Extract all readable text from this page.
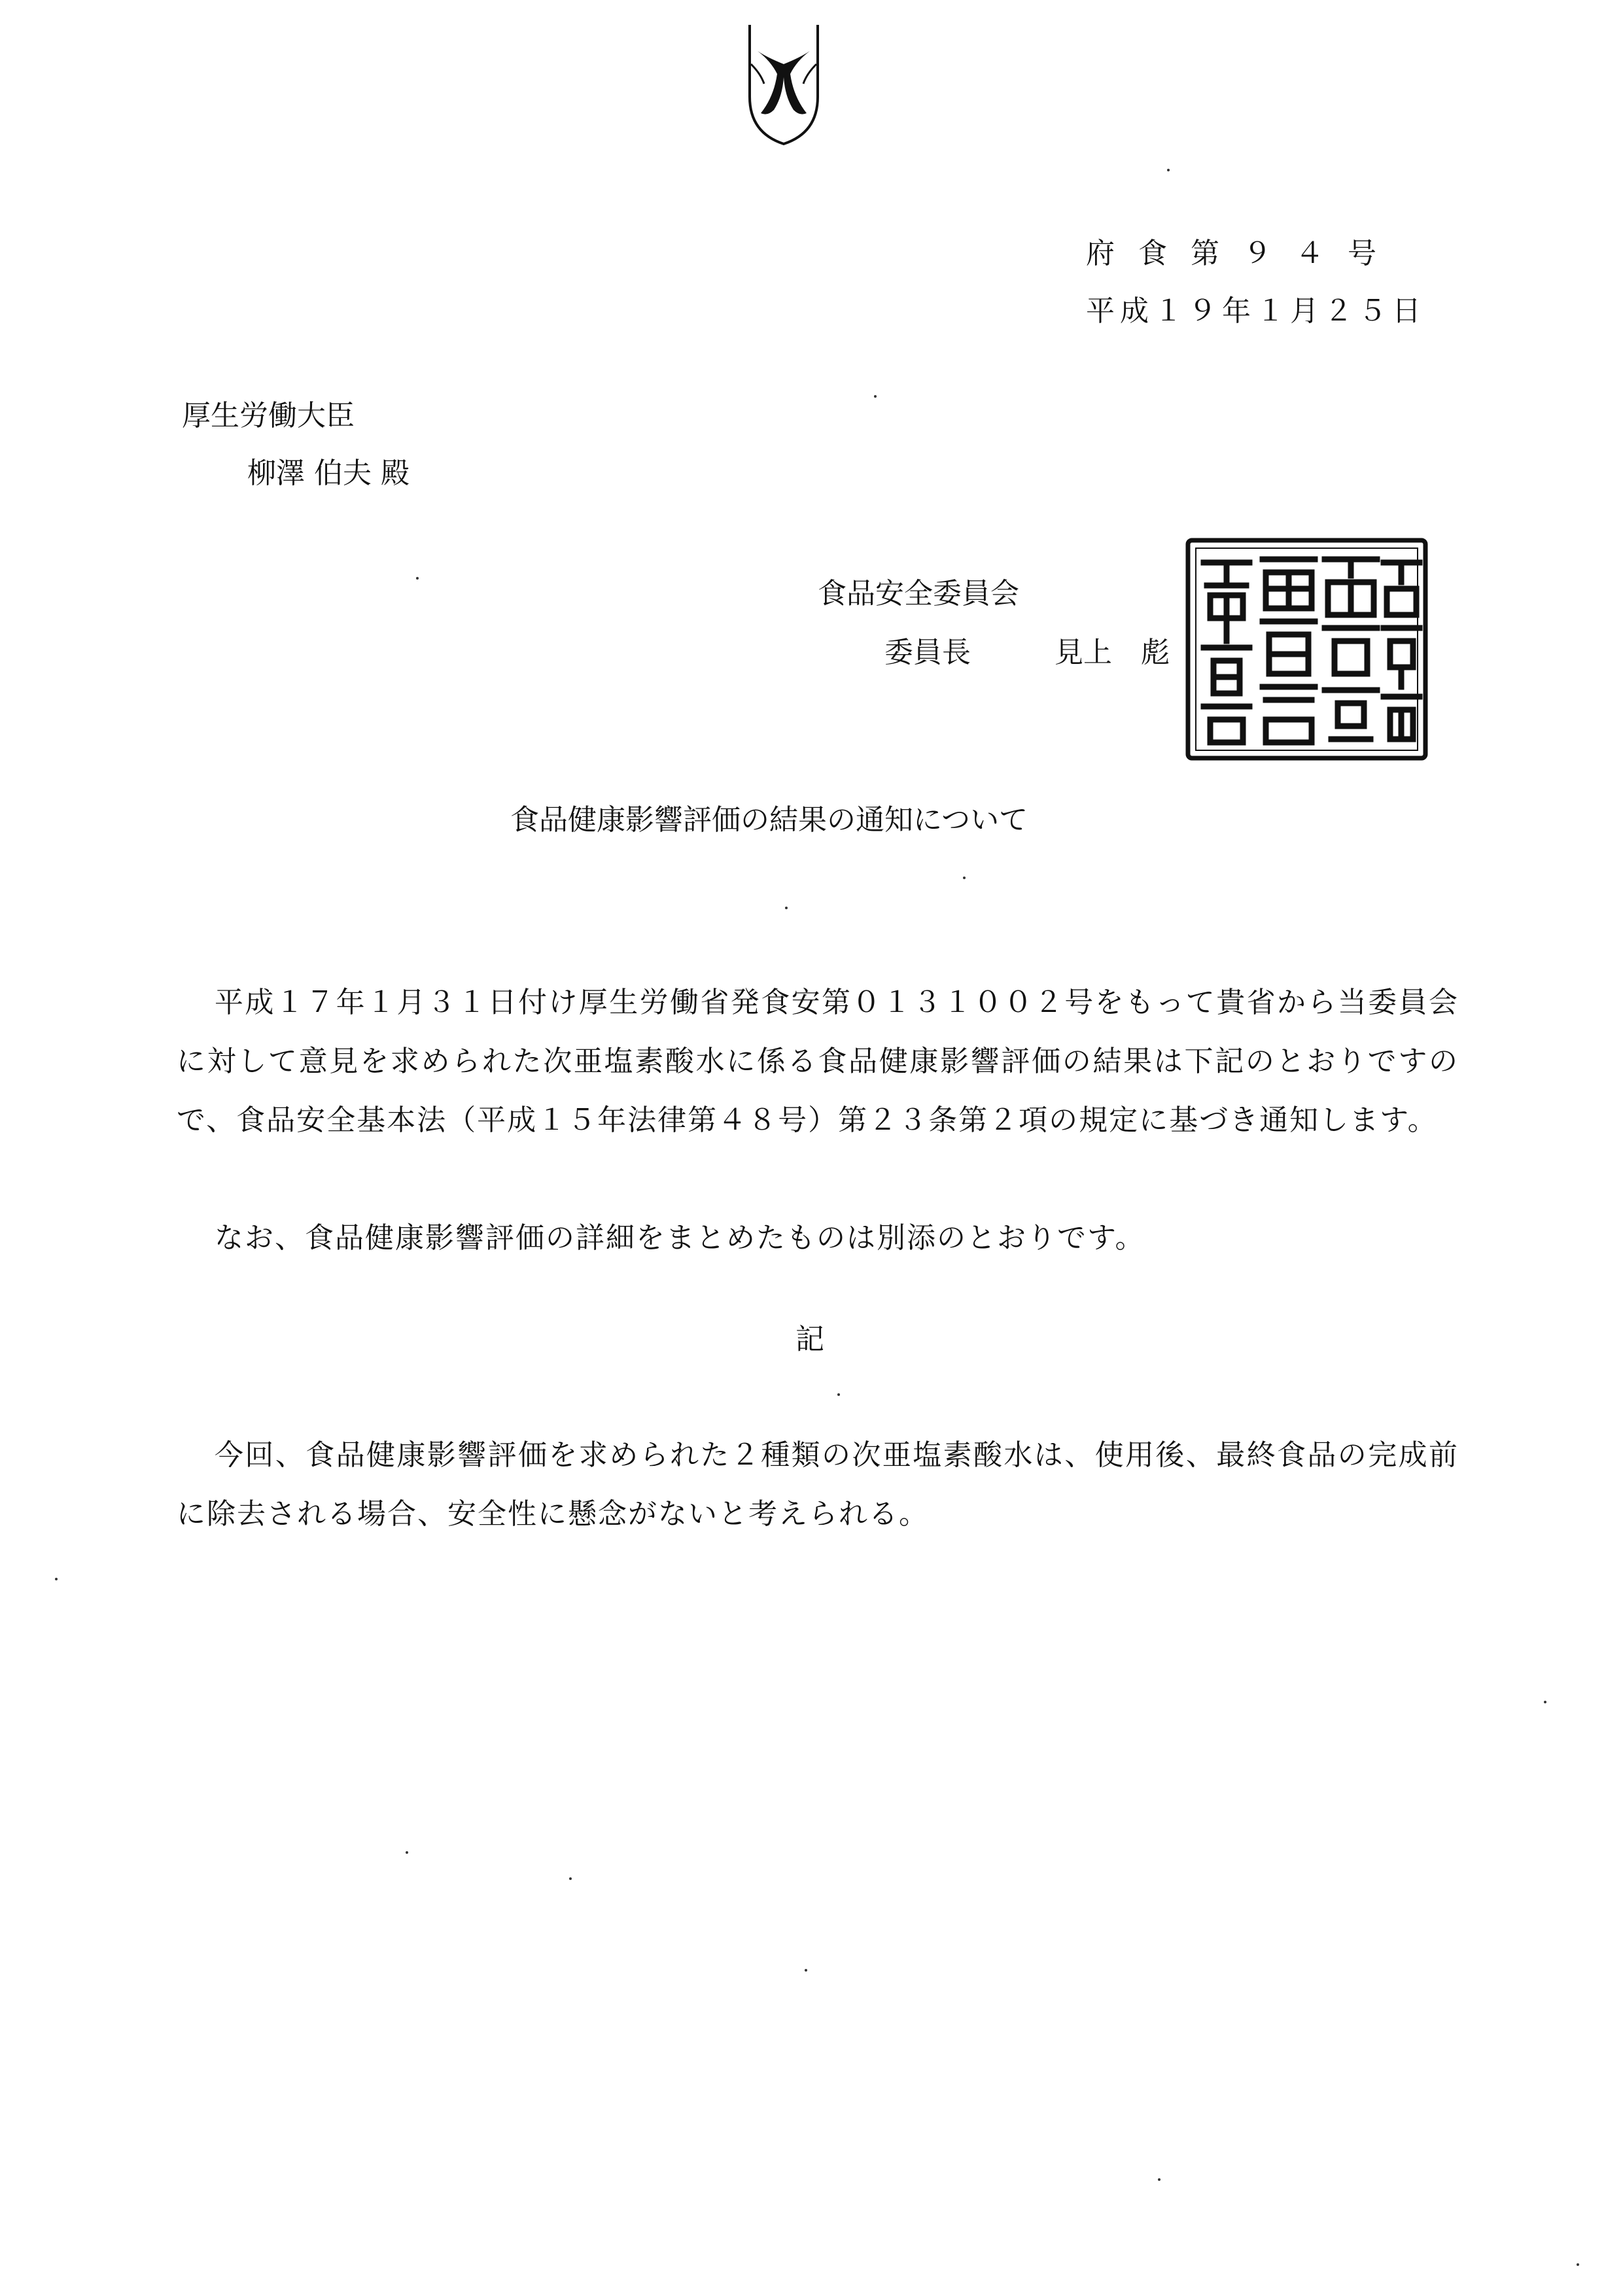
府食第９４号
平成１９年１月２５日
厚生労働大臣
柳澤 伯夫 殿
食品安全委員会
委員長	見上　彪
食品健康影響評価の結果の通知について
平成１７年１月３１日付け厚生労働省発食安第０１３１００２号をもって貴省から当委員会に対して意見を求められた次亜塩素酸水に係る食品健康影響評価の結果は下記のとおりですので、食品安全基本法（平成１５年法律第４８号）第２３条第２項の規定に基づき通知します。
なお、食品健康影響評価の詳細をまとめたものは別添のとおりです。
記
今回、食品健康影響評価を求められた２種類の次亜塩素酸水は、使用後、最終食品の完成前に除去される場合、安全性に懸念がないと考えられる。
